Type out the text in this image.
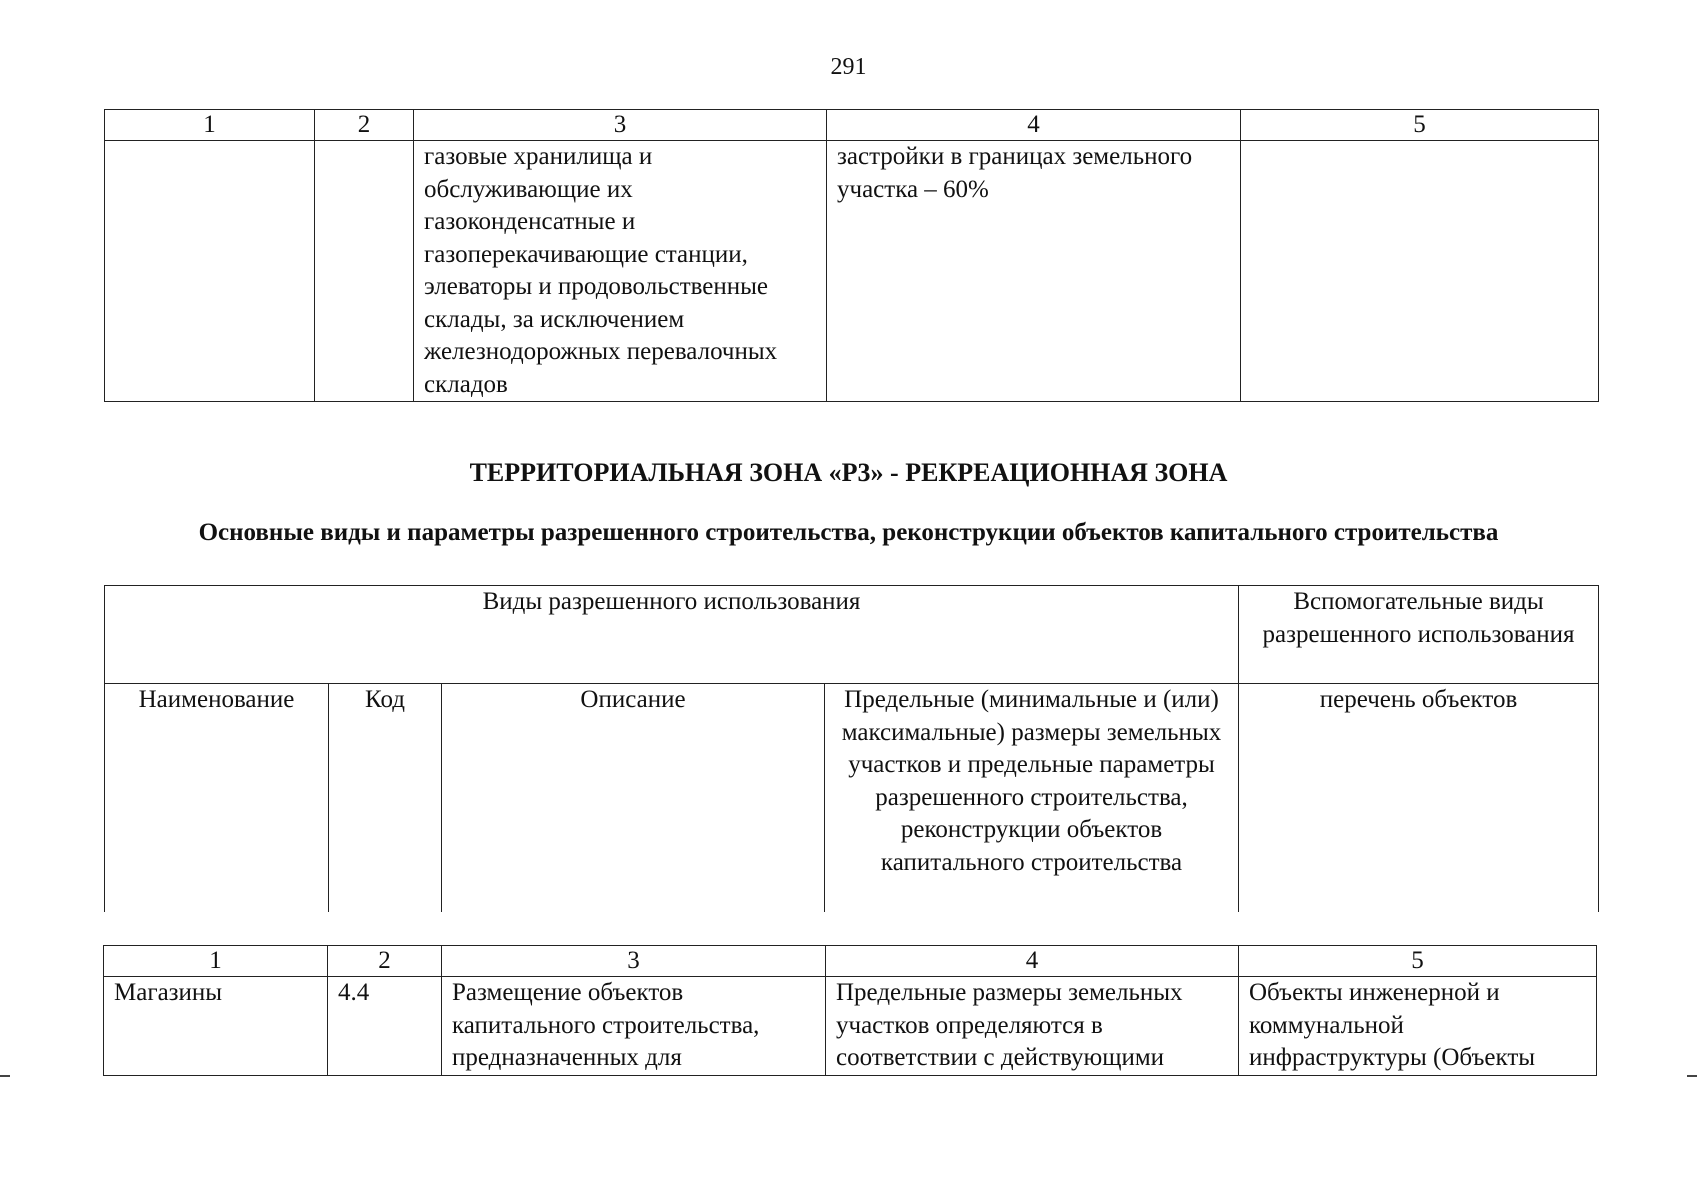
291
1	2	3	4	5
		газовые хранилища и обслуживающие их газоконденсатные и газоперекачивающие станции, элеваторы и продовольственные склады, за исключением железнодорожных перевалочных складов	застройки в границах земельного участка – 60%	
ТЕРРИТОРИАЛЬНАЯ ЗОНА «Р3» - РЕКРЕАЦИОННАЯ ЗОНА
Основные виды и параметры разрешенного строительства, реконструкции объектов капитального строительства
Виды разрешенного использования				Вспомогательные виды разрешенного использования
Наименование	Код	Описание	Предельные (минимальные и (или) максимальные) размеры земельных участков и предельные параметры разрешенного строительства, реконструкции объектов капитального строительства	перечень объектов
1	2	3	4	5
Магазины	4.4	Размещение объектов капитального строительства, предназначенных для	Предельные размеры земельных участков определяются в соответствии с действующими	Объекты инженерной и коммунальной инфраструктуры (Объекты
